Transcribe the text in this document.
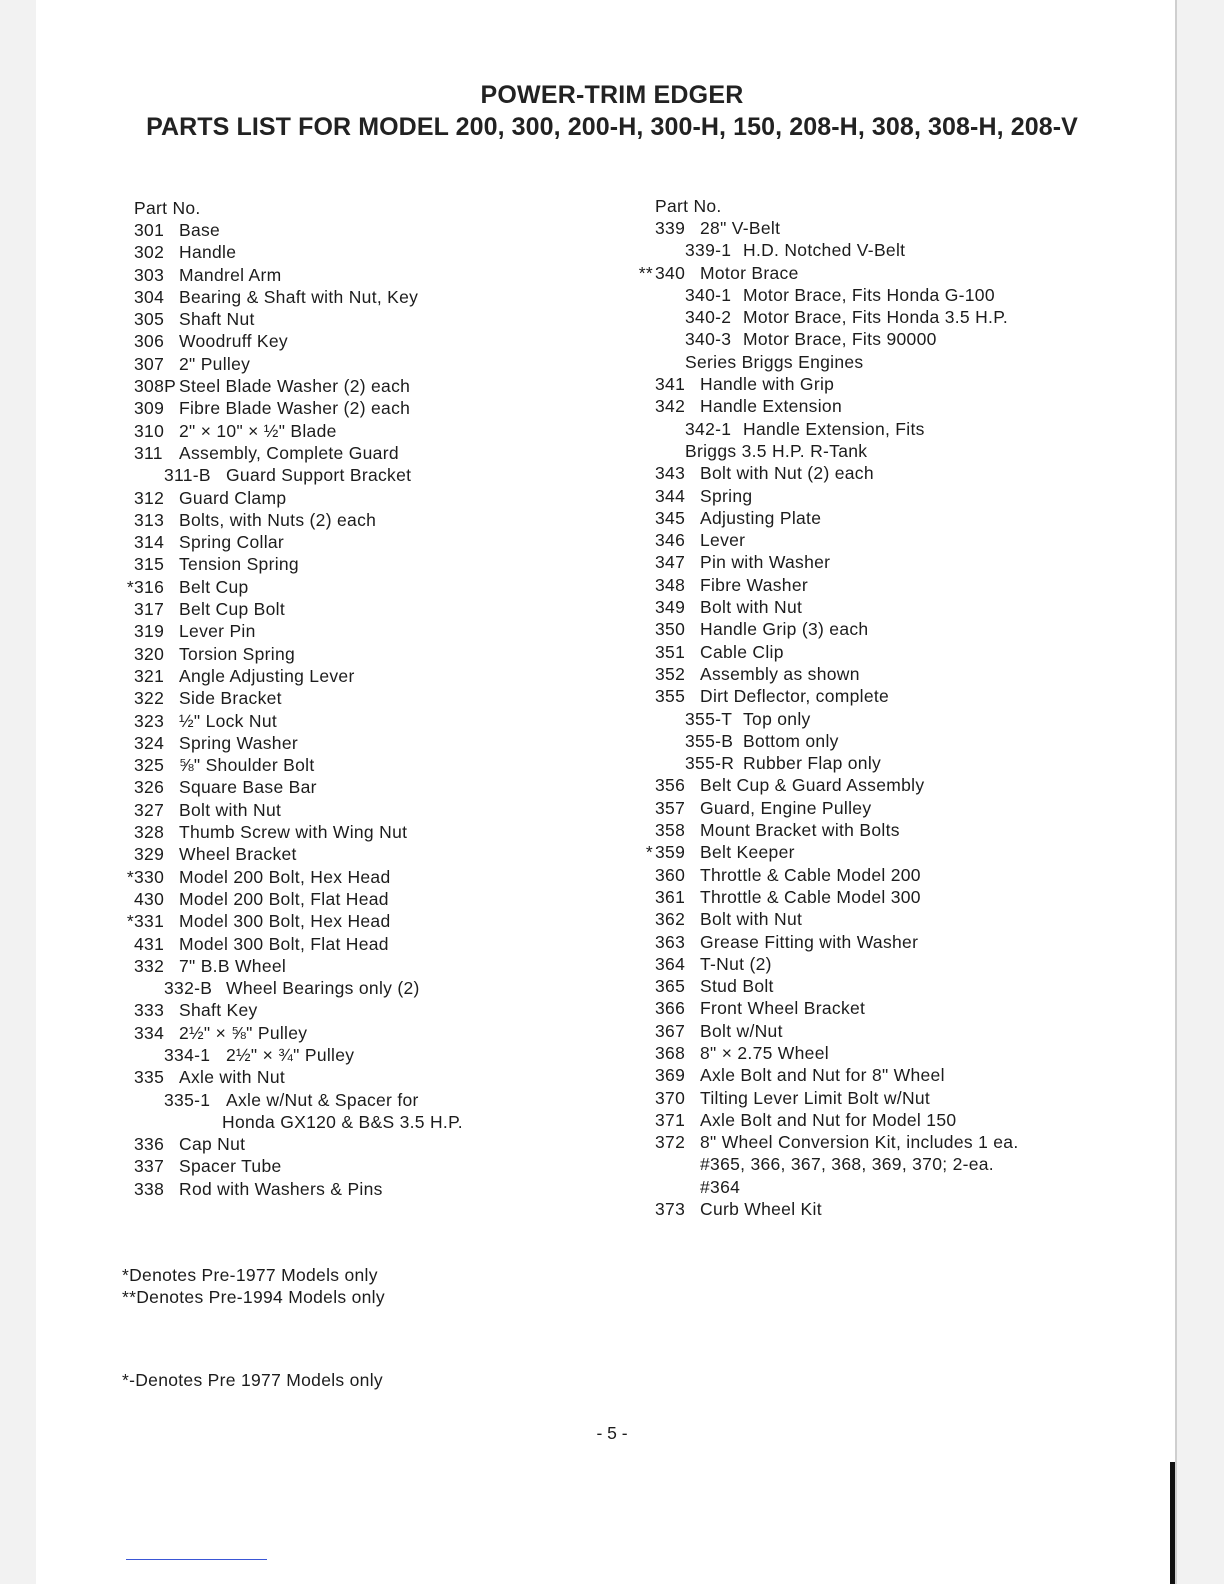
POWER-TRIM EDGER
PARTS LIST FOR MODEL 200, 300, 200-H, 300-H, 150, 208-H, 308, 308-H, 208-V
Part No.
301 Base
302 Handle
303 Mandrel Arm
304 Bearing & Shaft with Nut, Key
305 Shaft Nut
306 Woodruff Key
307 2" Pulley
308P Steel Blade Washer (2) each
309 Fibre Blade Washer (2) each
310 2" × 10" × ½" Blade
311 Assembly, Complete Guard
311-B Guard Support Bracket
312 Guard Clamp
313 Bolts, with Nuts (2) each
314 Spring Collar
315 Tension Spring
* 316 Belt Cup
317 Belt Cup Bolt
319 Lever Pin
320 Torsion Spring
321 Angle Adjusting Lever
322 Side Bracket
323 ½" Lock Nut
324 Spring Washer
325 ⅝" Shoulder Bolt
326 Square Base Bar
327 Bolt with Nut
328 Thumb Screw with Wing Nut
329 Wheel Bracket
* 330 Model 200 Bolt, Hex Head
430 Model 200 Bolt, Flat Head
* 331 Model 300 Bolt, Hex Head
431 Model 300 Bolt, Flat Head
332 7" B.B Wheel
332-B Wheel Bearings only (2)
333 Shaft Key
334 2½" × ⅝" Pulley
334-1 2½" × ¾" Pulley
335 Axle with Nut
335-1 Axle w/Nut & Spacer for
Honda GX120 & B&S 3.5 H.P.
336 Cap Nut
337 Spacer Tube
338 Rod with Washers & Pins
Part No.
339 28" V-Belt
339-1 H.D. Notched V-Belt
** 340 Motor Brace
340-1 Motor Brace, Fits Honda G-100
340-2 Motor Brace, Fits Honda 3.5 H.P.
340-3 Motor Brace, Fits 90000
Series Briggs Engines
341 Handle with Grip
342 Handle Extension
342-1 Handle Extension, Fits
Briggs 3.5 H.P. R-Tank
343 Bolt with Nut (2) each
344 Spring
345 Adjusting Plate
346 Lever
347 Pin with Washer
348 Fibre Washer
349 Bolt with Nut
350 Handle Grip (3) each
351 Cable Clip
352 Assembly as shown
355 Dirt Deflector, complete
355-T Top only
355-B Bottom only
355-R Rubber Flap only
356 Belt Cup & Guard Assembly
357 Guard, Engine Pulley
358 Mount Bracket with Bolts
* 359 Belt Keeper
360 Throttle & Cable Model 200
361 Throttle & Cable Model 300
362 Bolt with Nut
363 Grease Fitting with Washer
364 T-Nut (2)
365 Stud Bolt
366 Front Wheel Bracket
367 Bolt w/Nut
368 8" × 2.75 Wheel
369 Axle Bolt and Nut for 8" Wheel
370 Tilting Lever Limit Bolt w/Nut
371 Axle Bolt and Nut for Model 150
372 8" Wheel Conversion Kit, includes 1 ea.
#365, 366, 367, 368, 369, 370; 2-ea.
#364
373 Curb Wheel Kit
*Denotes Pre-1977 Models only
**Denotes Pre-1994 Models only
*-Denotes Pre 1977 Models only
- 5 -
